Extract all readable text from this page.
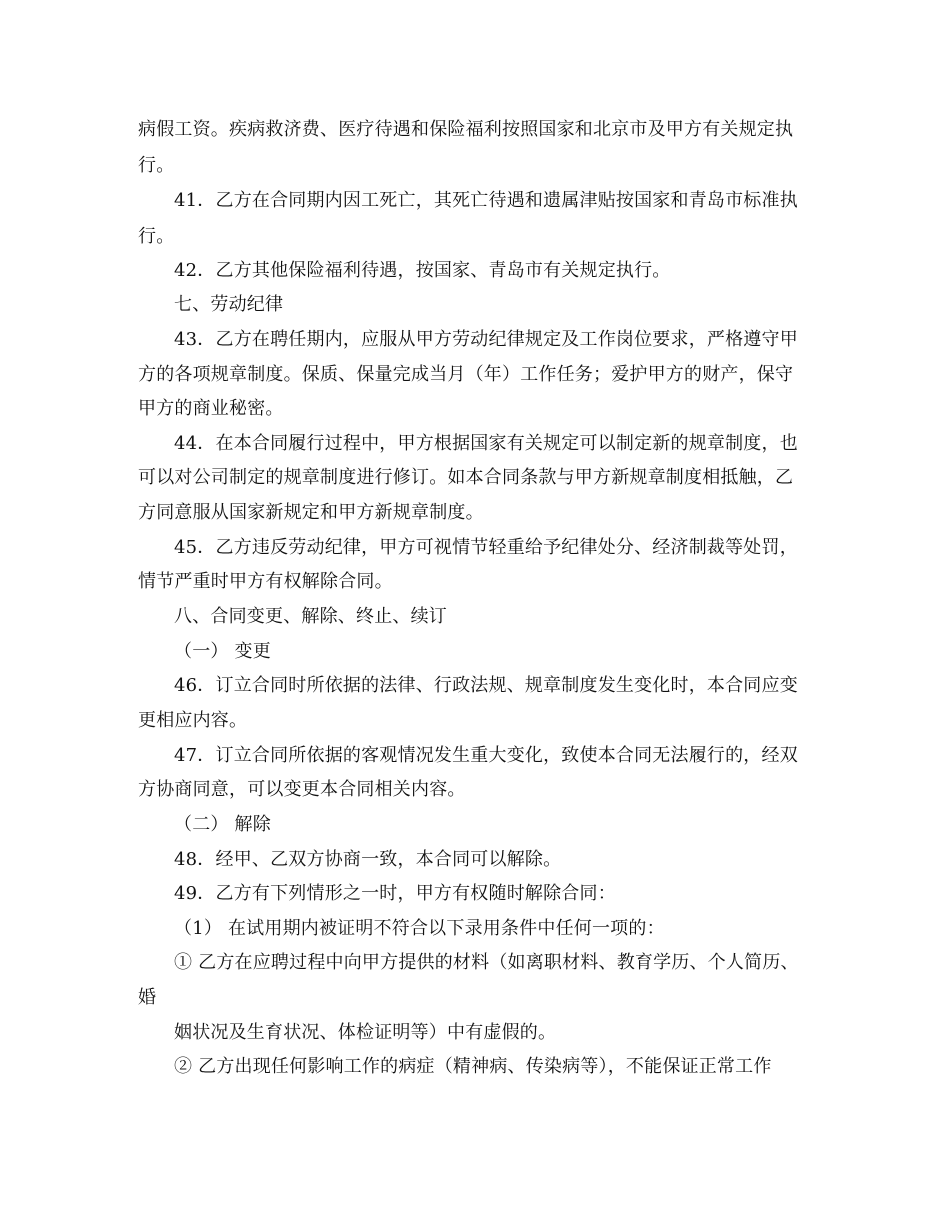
病假工资。疾病救济费、医疗待遇和保险福利按照国家和北京市及甲方有关规定执
行。
41．乙方在合同期内因工死亡，其死亡待遇和遗属津贴按国家和青岛市标准执
行。
42．乙方其他保险福利待遇，按国家、青岛市有关规定执行。
七、劳动纪律
43．乙方在聘任期内，应服从甲方劳动纪律规定及工作岗位要求，严格遵守甲
方的各项规章制度。保质、保量完成当月（年）工作任务；爱护甲方的财产，保守
甲方的商业秘密。
44．在本合同履行过程中，甲方根据国家有关规定可以制定新的规章制度，也
可以对公司制定的规章制度进行修订。如本合同条款与甲方新规章制度相抵触，乙
方同意服从国家新规定和甲方新规章制度。
45．乙方违反劳动纪律，甲方可视情节轻重给予纪律处分、经济制裁等处罚，
情节严重时甲方有权解除合同。
八、合同变更、解除、终止、续订
（一） 变更
46．订立合同时所依据的法律、行政法规、规章制度发生变化时，本合同应变
更相应内容。
47．订立合同所依据的客观情况发生重大变化，致使本合同无法履行的，经双
方协商同意，可以变更本合同相关内容。
（二） 解除
48．经甲、乙双方协商一致，本合同可以解除。
49．乙方有下列情形之一时，甲方有权随时解除合同：
（1） 在试用期内被证明不符合以下录用条件中任何一项的：
① 乙方在应聘过程中向甲方提供的材料（如离职材料、教育学历、个人简历、
婚
姻状况及生育状况、体检证明等）中有虚假的。
② 乙方出现任何影响工作的病症（精神病、传染病等），不能保证正常工作
